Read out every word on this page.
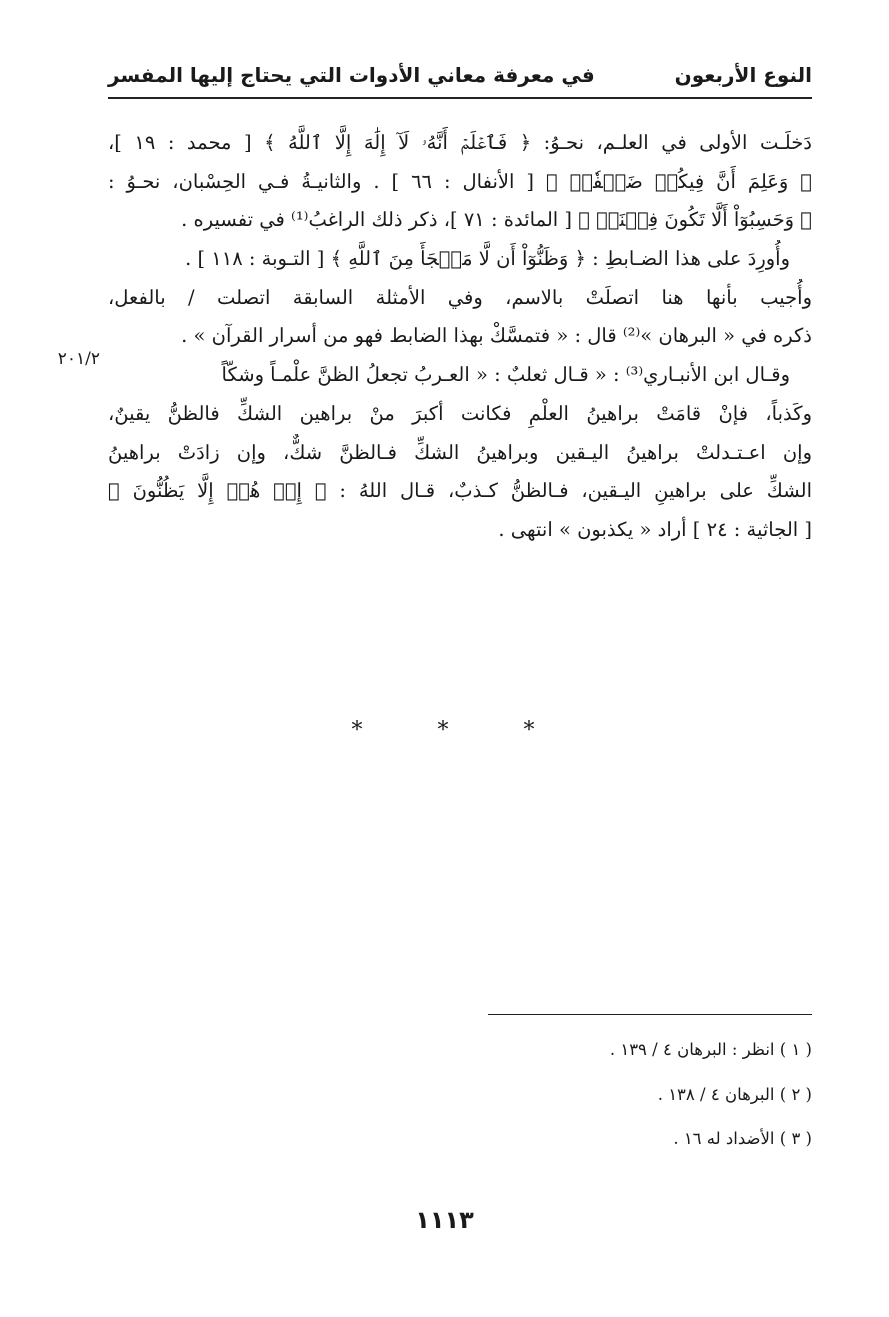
النوع الأربعون
في معرفة معاني الأدوات التي يحتاج إليها المفسر
٢٠١/٢
دَخلَـت الأولى في العلـم، نحـوُ: ﴿ فَٱعۡلَمۡ أَنَّهُۥ لَآ إِلَٰهَ إِلَّا ٱللَّهُ ﴾ [ محمد : ١٩ ]،
﴿ وَعَلِمَ أَنَّ فِيكُمۡ ضَعۡفٗاۚ ﴾ [ الأنفال : ٦٦ ] . والثانيـةُ فـي الحِسْبان، نحـوُ :
﴿ وَحَسِبُوٓاْ أَلَّا تَكُونَ فِتۡنَةٞ ﴾ [ المائدة : ٧١ ]، ذكر ذلك الراغبُ⁽¹⁾ في تفسيره .
وأُورِدَ على هذا الضـابطِ : ﴿ وَظَنُّوٓاْ أَن لَّا مَلۡجَأَ مِنَ ٱللَّهِ ﴾ [ التـوبة : ١١٨ ] .
وأُجيب بأنها هنا اتصلَتْ بالاسم، وفي الأمثلة السابقة اتصلت / بالفعل،
ذكره في « البرهان »⁽²⁾ قال : « فتمسَّكْ بهذا الضابط فهو من أسرار القرآن » .
وقـال ابن الأنبـاري⁽³⁾ : « قـال ثعلبٌ : « العـربُ تجعلُ الظنَّ علْمـاً وشكّاً
وكَذباً، فإنْ قامَتْ براهينُ العلْمِ فكانت أكبرَ منْ براهين الشكِّ فالظنُّ يقينٌ،
وإن اعـتـدلتْ براهينُ اليـقين وبراهينُ الشكِّ فـالظنَّ شكٌّ، وإن زادَتْ براهينُ
الشكِّ على براهينِ اليـقين، فـالظنُّ كـذبٌ، قـال اللهُ : ﴿ إِنۡ هُمۡ إِلَّا يَظُنُّونَ ﴾
[ الجاثية : ٢٤ ] أراد « يكذبون » انتهى .
* * *
( ١ ) انظر : البرهان ٤ / ١٣٩ .
( ٢ ) البرهان ٤ / ١٣٨ .
( ٣ ) الأضداد له ١٦ .
١١١٣
